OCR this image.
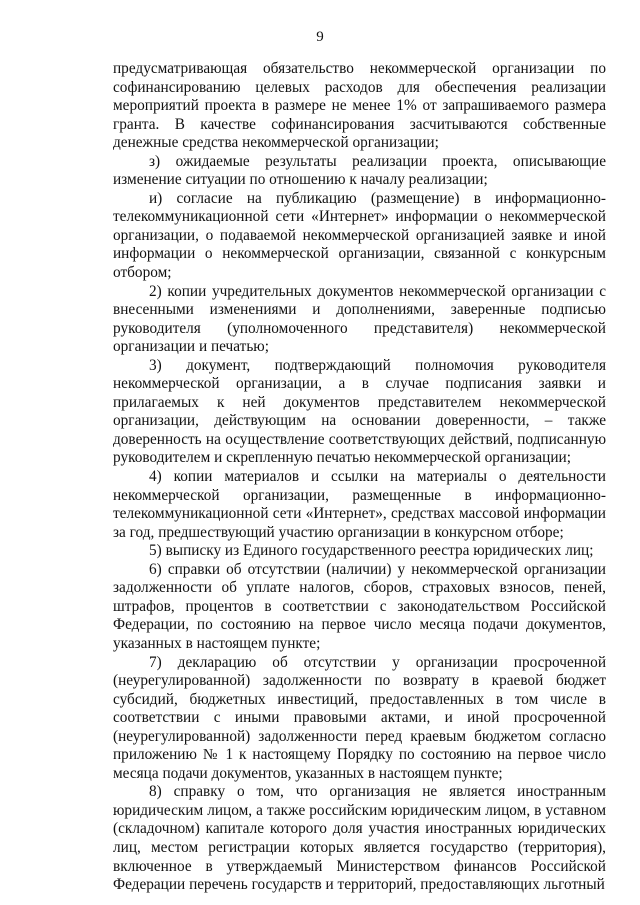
9

предусматривающая обязательство некоммерческой организации по софинансированию целевых расходов для обеспечения реализации мероприятий проекта в размере не менее 1% от запрашиваемого размера гранта. В качестве софинансирования засчитываются собственные денежные средства некоммерческой организации;

з) ожидаемые результаты реализации проекта, описывающие изменение ситуации по отношению к началу реализации;

и) согласие на публикацию (размещение) в информационно-телекоммуникационной сети «Интернет» информации о некоммерческой организации, о подаваемой некоммерческой организацией заявке и иной информации о некоммерческой организации, связанной с конкурсным отбором;

2) копии учредительных документов некоммерческой организации с внесенными изменениями и дополнениями, заверенные подписью руководителя (уполномоченного представителя) некоммерческой организации и печатью;

3) документ, подтверждающий полномочия руководителя некоммерческой организации, а в случае подписания заявки и прилагаемых к ней документов представителем некоммерческой организации, действующим на основании доверенности, – также доверенность на осуществление соответствующих действий, подписанную руководителем и скрепленную печатью некоммерческой организации;

4) копии материалов и ссылки на материалы о деятельности некоммерческой организации, размещенные в информационно-телекоммуникационной сети «Интернет», средствах массовой информации за год, предшествующий участию организации в конкурсном отборе;

5) выписку из Единого государственного реестра юридических лиц;

6) справки об отсутствии (наличии) у некоммерческой организации задолженности об уплате налогов, сборов, страховых взносов, пеней, штрафов, процентов в соответствии с законодательством Российской Федерации, по состоянию на первое число месяца подачи документов, указанных в настоящем пункте;

7) декларацию об отсутствии у организации просроченной (неурегулированной) задолженности по возврату в краевой бюджет субсидий, бюджетных инвестиций, предоставленных в том числе в соответствии с иными правовыми актами, и иной просроченной (неурегулированной) задолженности перед краевым бюджетом согласно приложению № 1 к настоящему Порядку по состоянию на первое число месяца подачи документов, указанных в настоящем пункте;

8) справку о том, что организация не является иностранным юридическим лицом, а также российским юридическим лицом, в уставном (складочном) капитале которого доля участия иностранных юридических лиц, местом регистрации которых является государство (территория), включенное в утверждаемый Министерством финансов Российской Федерации перечень государств и территорий, предоставляющих льготный
